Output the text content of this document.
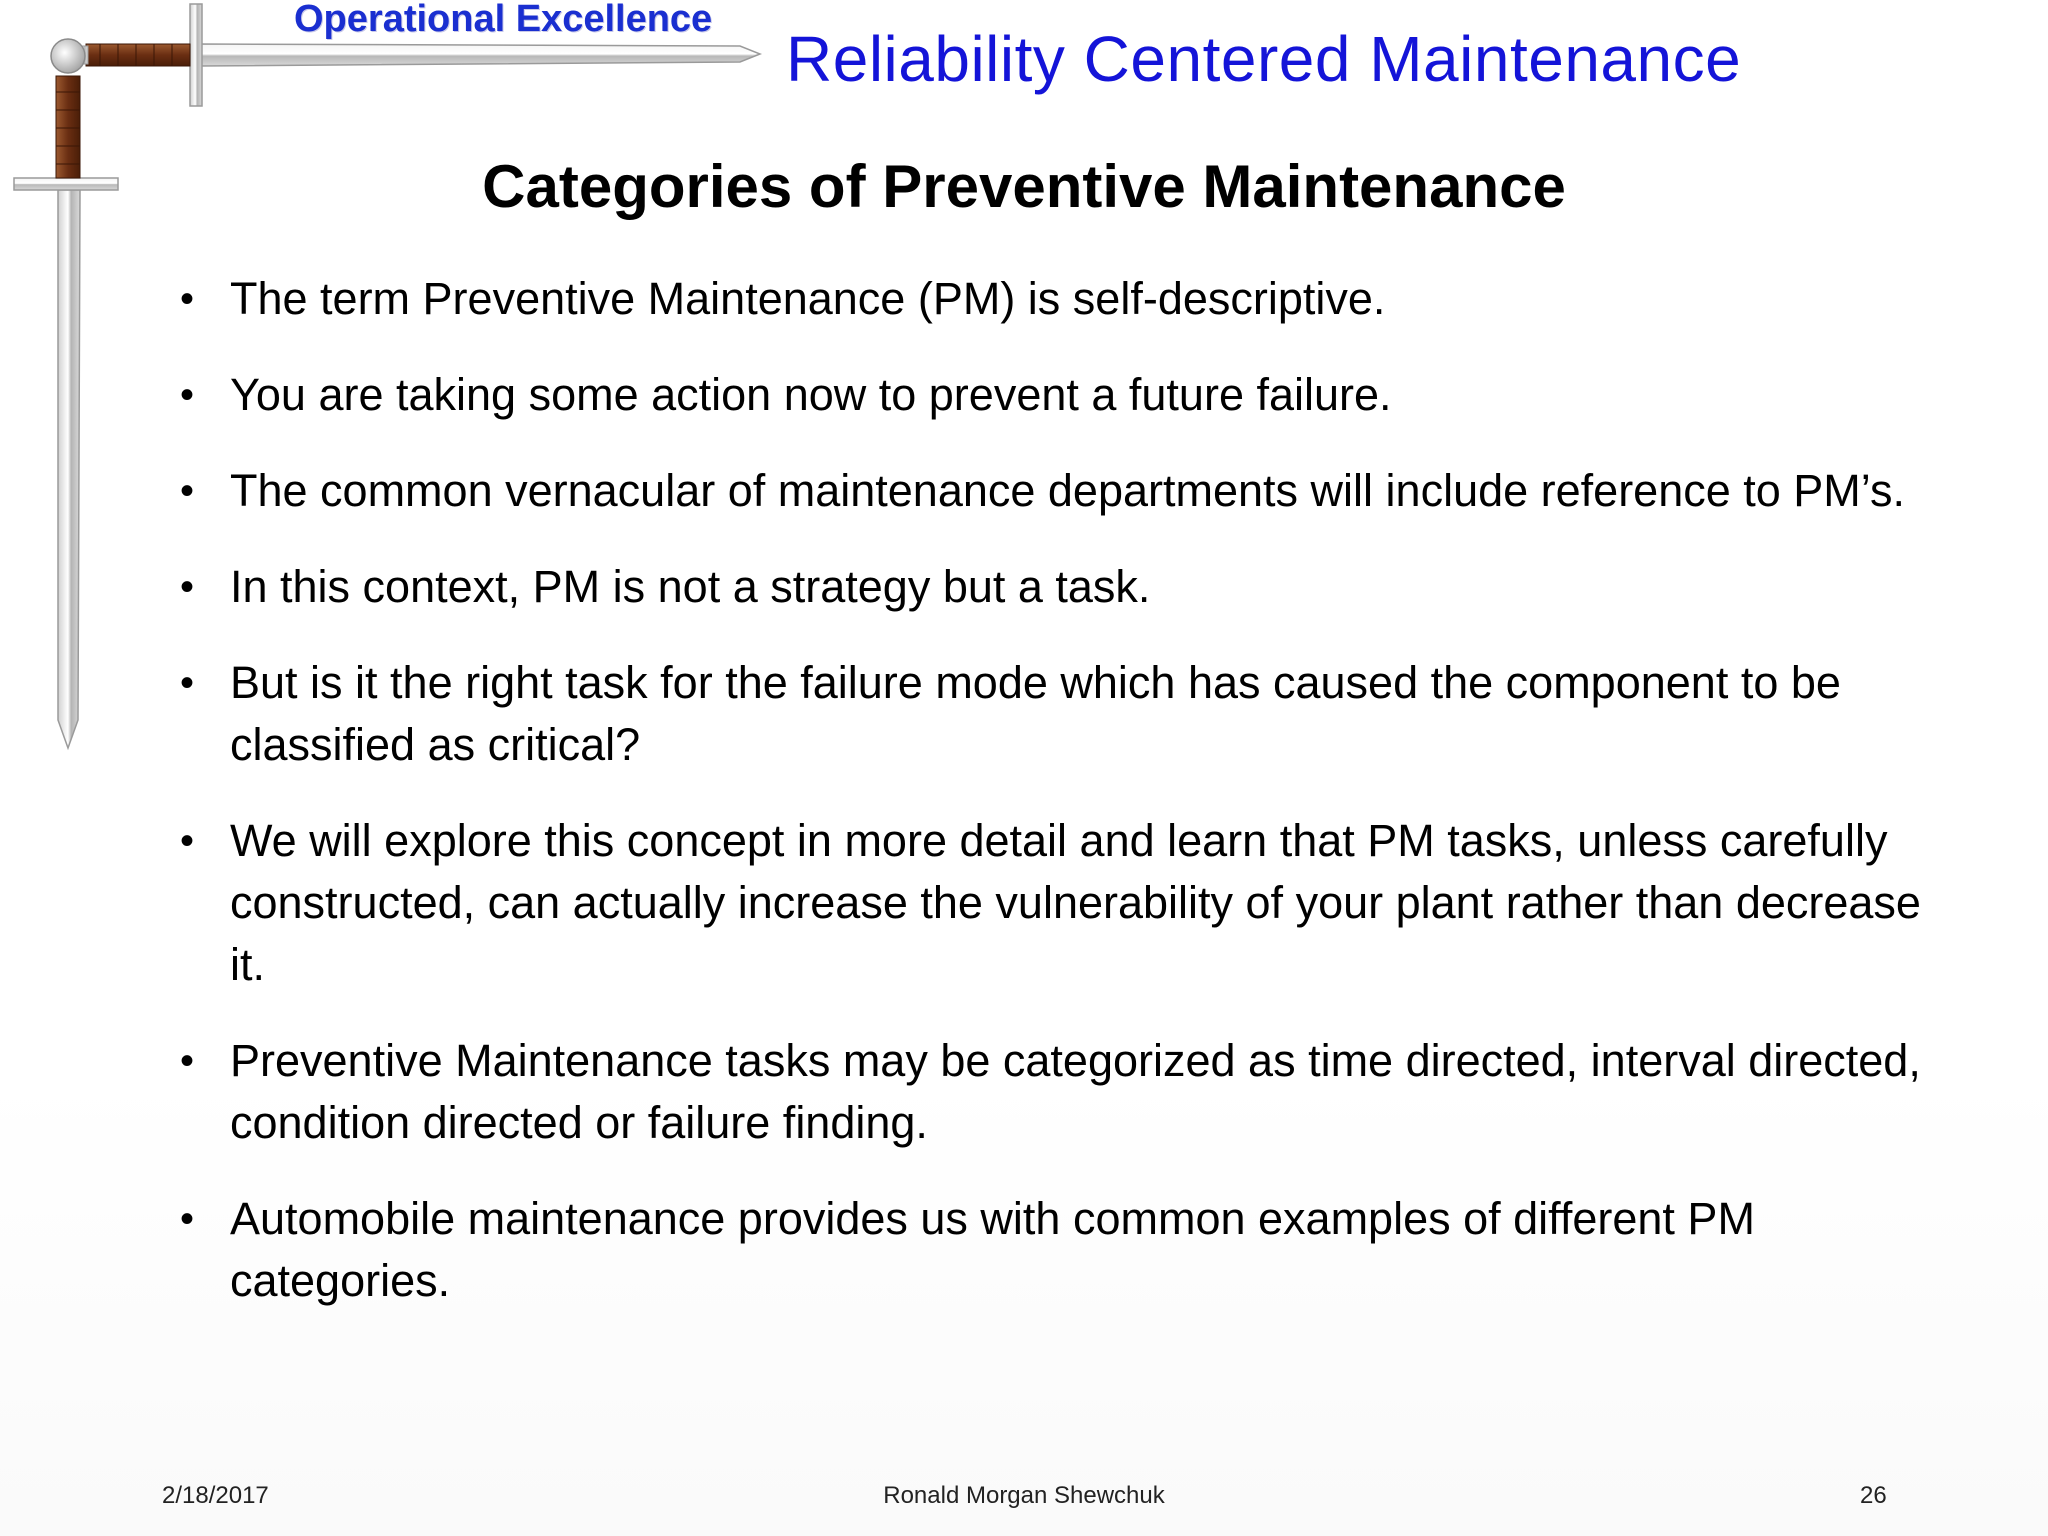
Operational Excellence
Reliability Centered Maintenance
Categories of Preventive Maintenance
• The term Preventive Maintenance (PM) is self-descriptive.
• You are taking some action now to prevent a future failure.
• The common vernacular of maintenance departments will include reference to PM’s.
• In this context, PM is not a strategy but a task.
• But is it the right task for the failure mode which has caused the component to be classified as critical?
• We will explore this concept in more detail and learn that PM tasks, unless carefully constructed, can actually increase the vulnerability of your plant rather than decrease it.
• Preventive Maintenance tasks may be categorized as time directed, interval directed, condition directed or failure finding.
• Automobile maintenance provides us with common examples of different PM categories.
2/18/2017	Ronald Morgan Shewchuk	26
